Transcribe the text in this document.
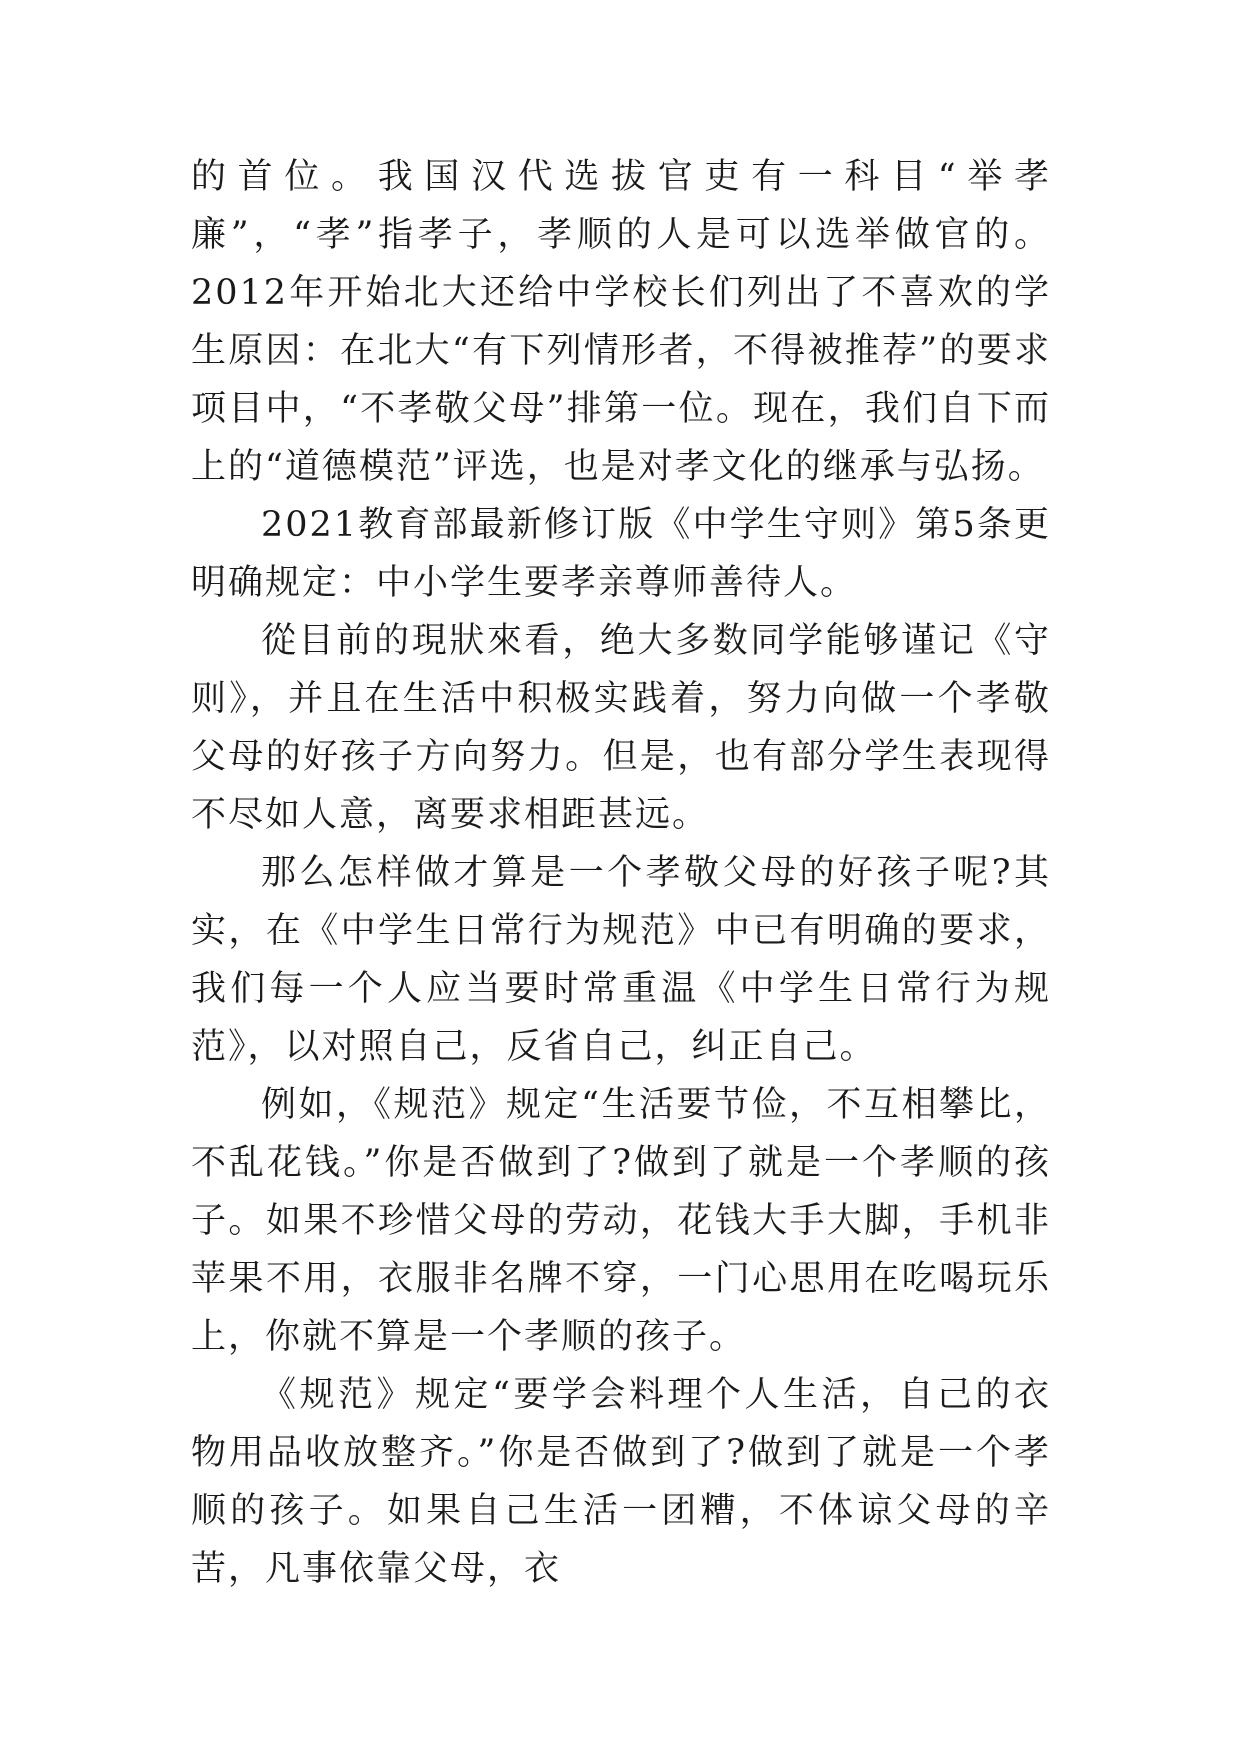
的首位。我国汉代选拔官吏有一科目“举孝廉”，“孝”指孝子，孝顺的人是可以选举做官的。2012年开始北大还给中学校长们列出了不喜欢的学生原因：在北大“有下列情形者，不得被推荐”的要求项目中，“不孝敬父母”排第一位。现在，我们自下而上的“道德模范”评选，也是对孝文化的继承与弘扬。

2021教育部最新修订版《中学生守则》第5条更明确规定：中小学生要孝亲尊师善待人。

從目前的現狀來看，绝大多数同学能够谨记《守则》，并且在生活中积极实践着，努力向做一个孝敬父母的好孩子方向努力。但是，也有部分学生表现得不尽如人意，离要求相距甚远。

那么怎样做才算是一个孝敬父母的好孩子呢?其实，在《中学生日常行为规范》中已有明确的要求，我们每一个人应当要时常重温《中学生日常行为规范》，以对照自己，反省自己，纠正自己。

例如，《规范》规定“生活要节俭，不互相攀比，不乱花钱。”你是否做到了?做到了就是一个孝顺的孩子。如果不珍惜父母的劳动，花钱大手大脚，手机非苹果不用，衣服非名牌不穿，一门心思用在吃喝玩乐上，你就不算是一个孝顺的孩子。

《规范》规定“要学会料理个人生活，自己的衣物用品收放整齐。”你是否做到了?做到了就是一个孝顺的孩子。如果自己生活一团糟，不体谅父母的辛苦，凡事依靠父母，衣
